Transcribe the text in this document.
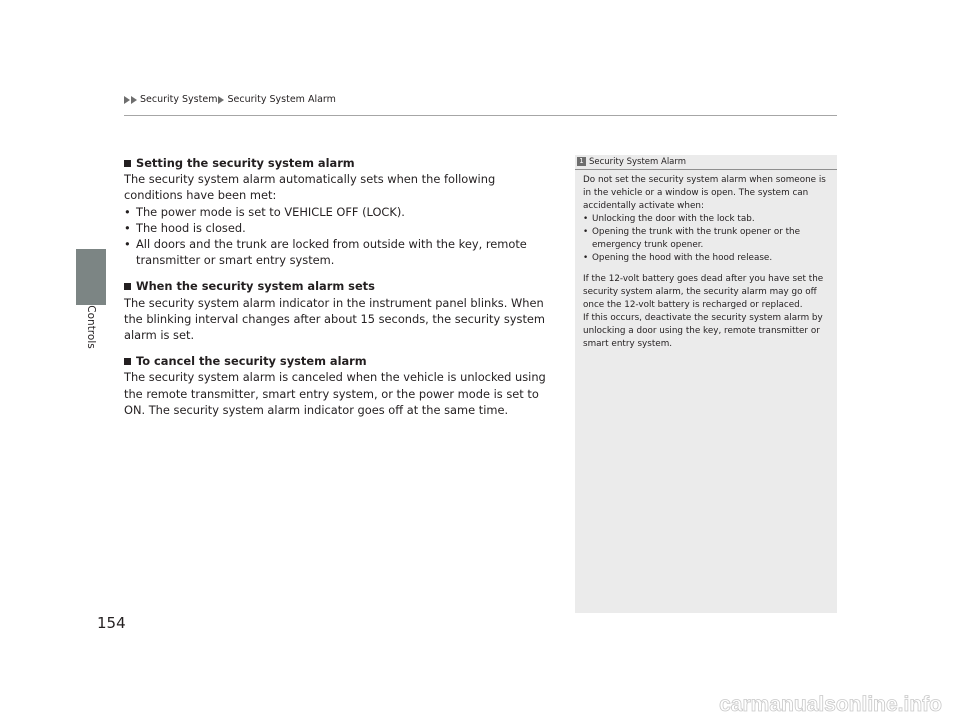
Security System Security System Alarm
Controls
154
Setting the security system alarm

The security system alarm automatically sets when the following conditions have been met:

• The power mode is set to VEHICLE OFF (LOCK).

• The hood is closed.

• All doors and the trunk are locked from outside with the key, remote transmitter or smart entry system.

When the security system alarm sets

The security system alarm indicator in the instrument panel blinks. When the blinking interval changes after about 15 seconds, the security system alarm is set.

To cancel the security system alarm

The security system alarm is canceled when the vehicle is unlocked using the remote transmitter, smart entry system, or the power mode is set to ON. The security system alarm indicator goes off at the same time.

1 Security System Alarm

Do not set the security system alarm when someone is in the vehicle or a window is open. The system can accidentally activate when:

• Unlocking the door with the lock tab.

• Opening the trunk with the trunk opener or the emergency trunk opener.

• Opening the hood with the hood release.

If the 12-volt battery goes dead after you have set the security system alarm, the security alarm may go off once the 12-volt battery is recharged or replaced.

If this occurs, deactivate the security system alarm by unlocking a door using the key, remote transmitter or smart entry system.

carmanualsonline.info
